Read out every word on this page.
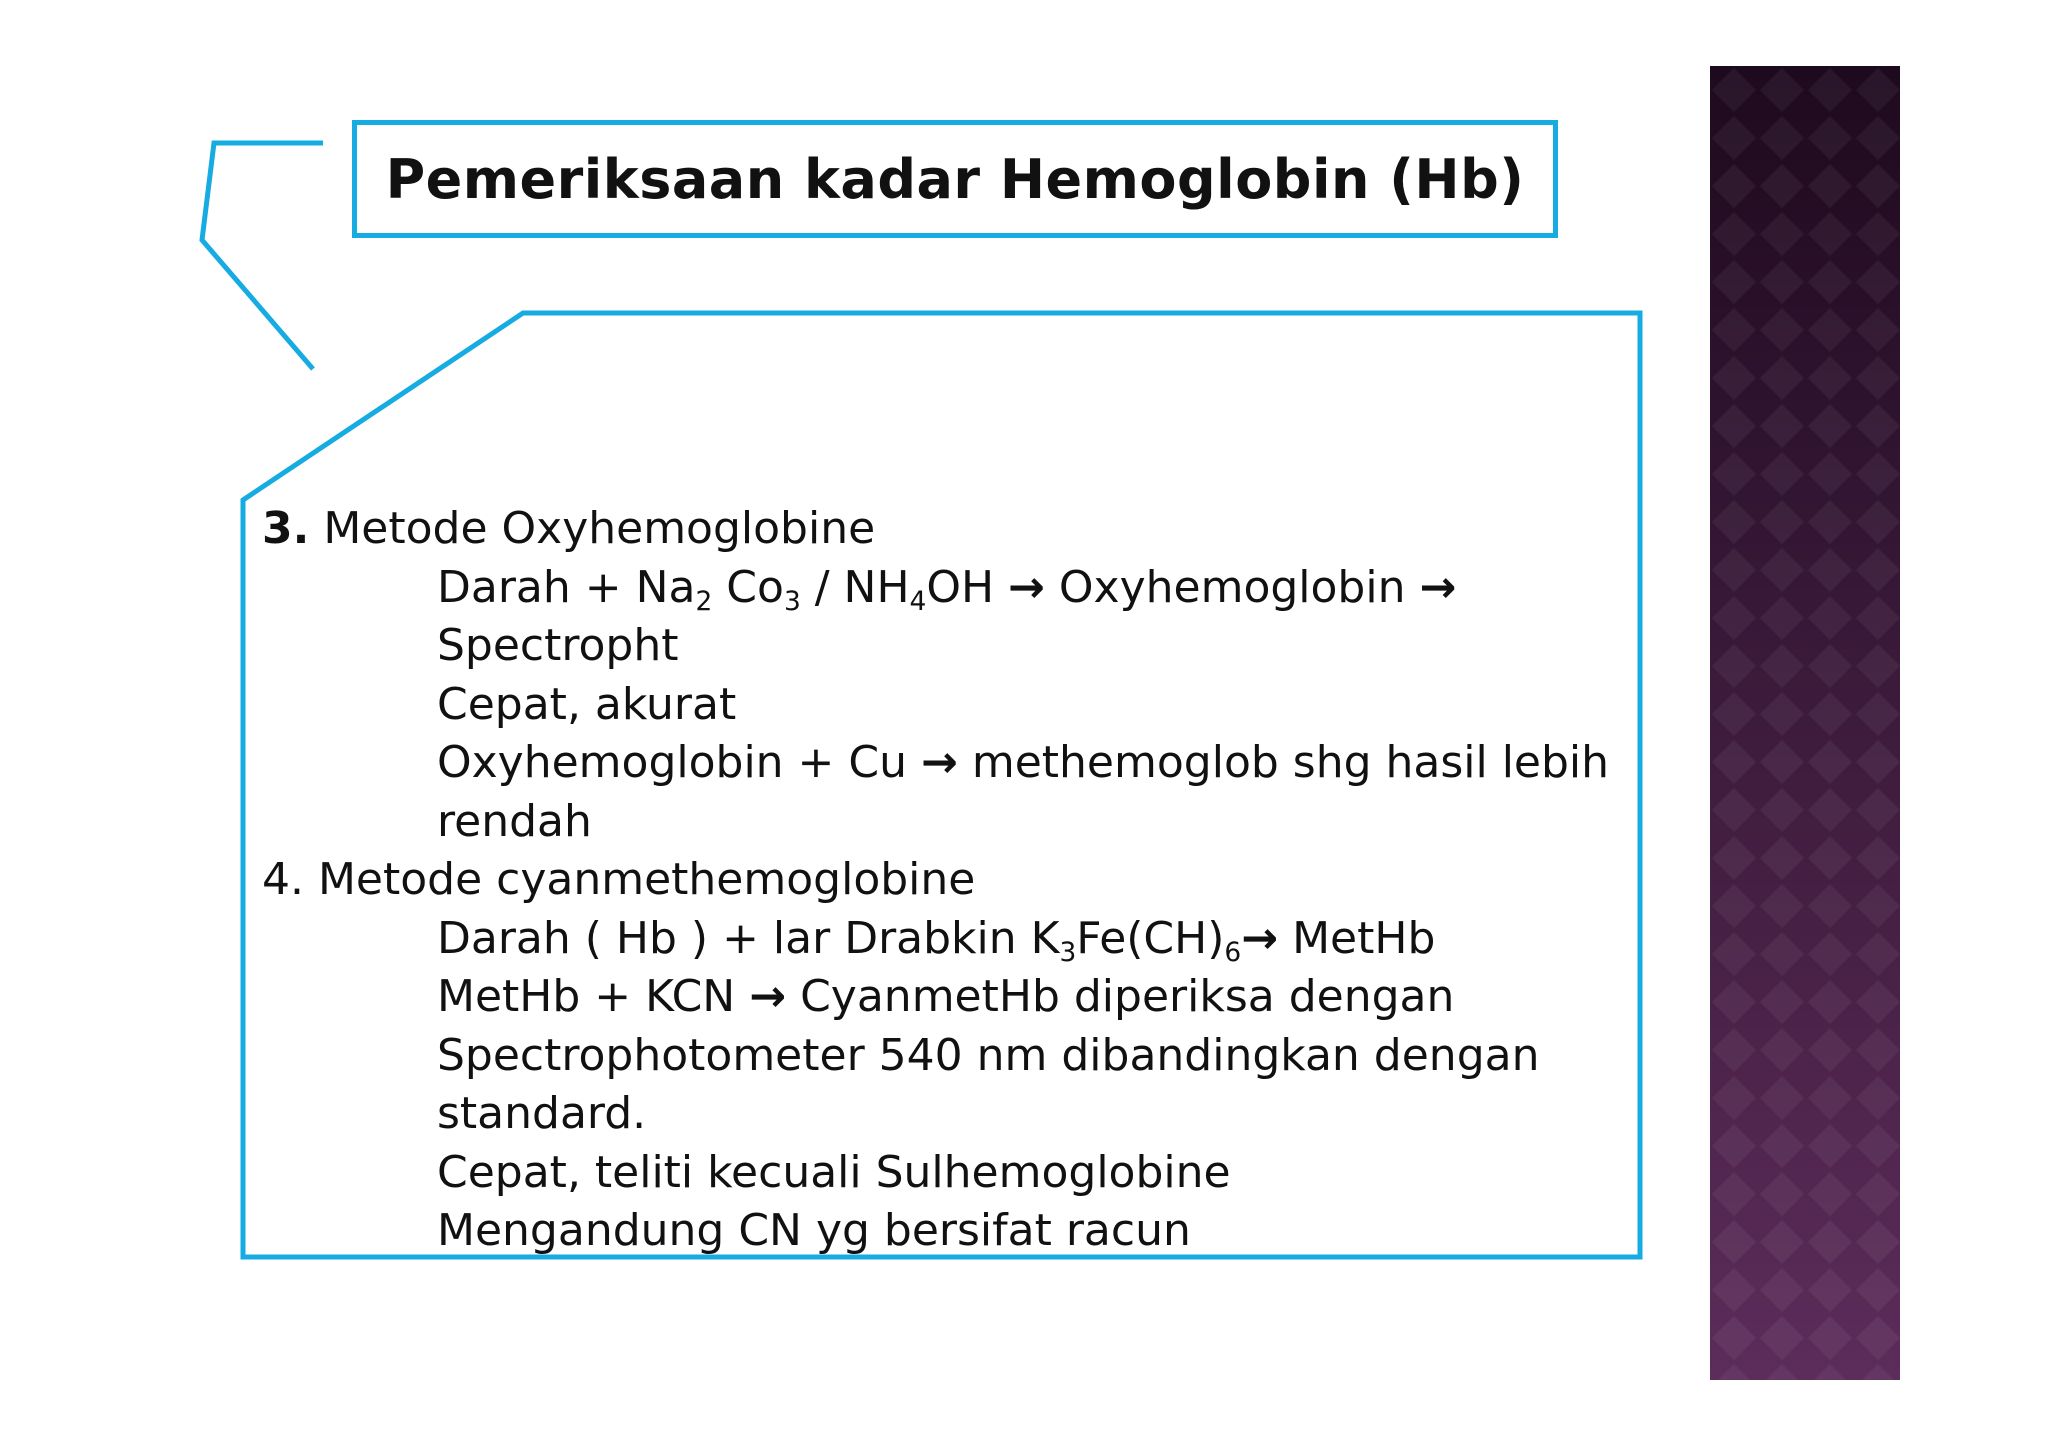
Pemeriksaan kadar Hemoglobin (Hb)
3. Metode Oxyhemoglobine
Darah + $Na_2$ $Co_3 / NH_4OH$ → Oxyhemoglobin →
Spectropht
Cepat, akurat
Oxyhemoglobin + Cu → methemoglob shg hasil lebih
rendah
4. Metode cyanmethemoglobine
Darah ( Hb ) + lar Drabkin $K_3Fe(CH)_6\to$ MetHb
MetHb + KCN → CyanmetHb diperiksa dengan
Spectrophotometer 540 nm dibandingkan dengan
standard.
Cepat, teliti kecuali Sulhemoglobine
Mengandung CN yg bersifat racun
